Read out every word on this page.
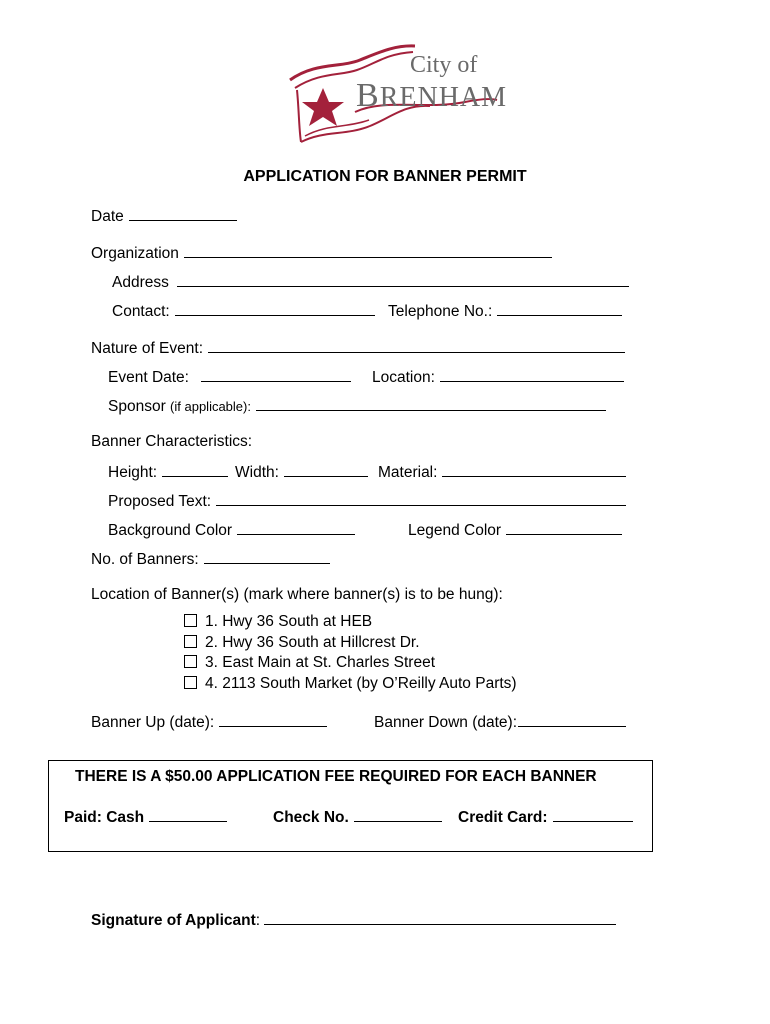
City of
BRENHAM
APPLICATION FOR BANNER PERMIT
Date
Organization
Address
Contact:	Telephone No.:
Nature of Event:
Event Date:	Location:
Sponsor (if applicable):
Banner Characteristics:
Height:	Width:	Material:
Proposed Text:
Background Color	Legend Color
No. of Banners:
Location of Banner(s) (mark where banner(s) is to be hung):
1. Hwy 36 South at HEB
2. Hwy 36 South at Hillcrest Dr.
3. East Main at St. Charles Street
4. 2113 South Market (by O’Reilly Auto Parts)
Banner Up (date):	Banner Down (date):
THERE IS A $50.00 APPLICATION FEE REQUIRED FOR EACH BANNER
Paid: Cash	Check No.	Credit Card:
Signature of Applicant:
